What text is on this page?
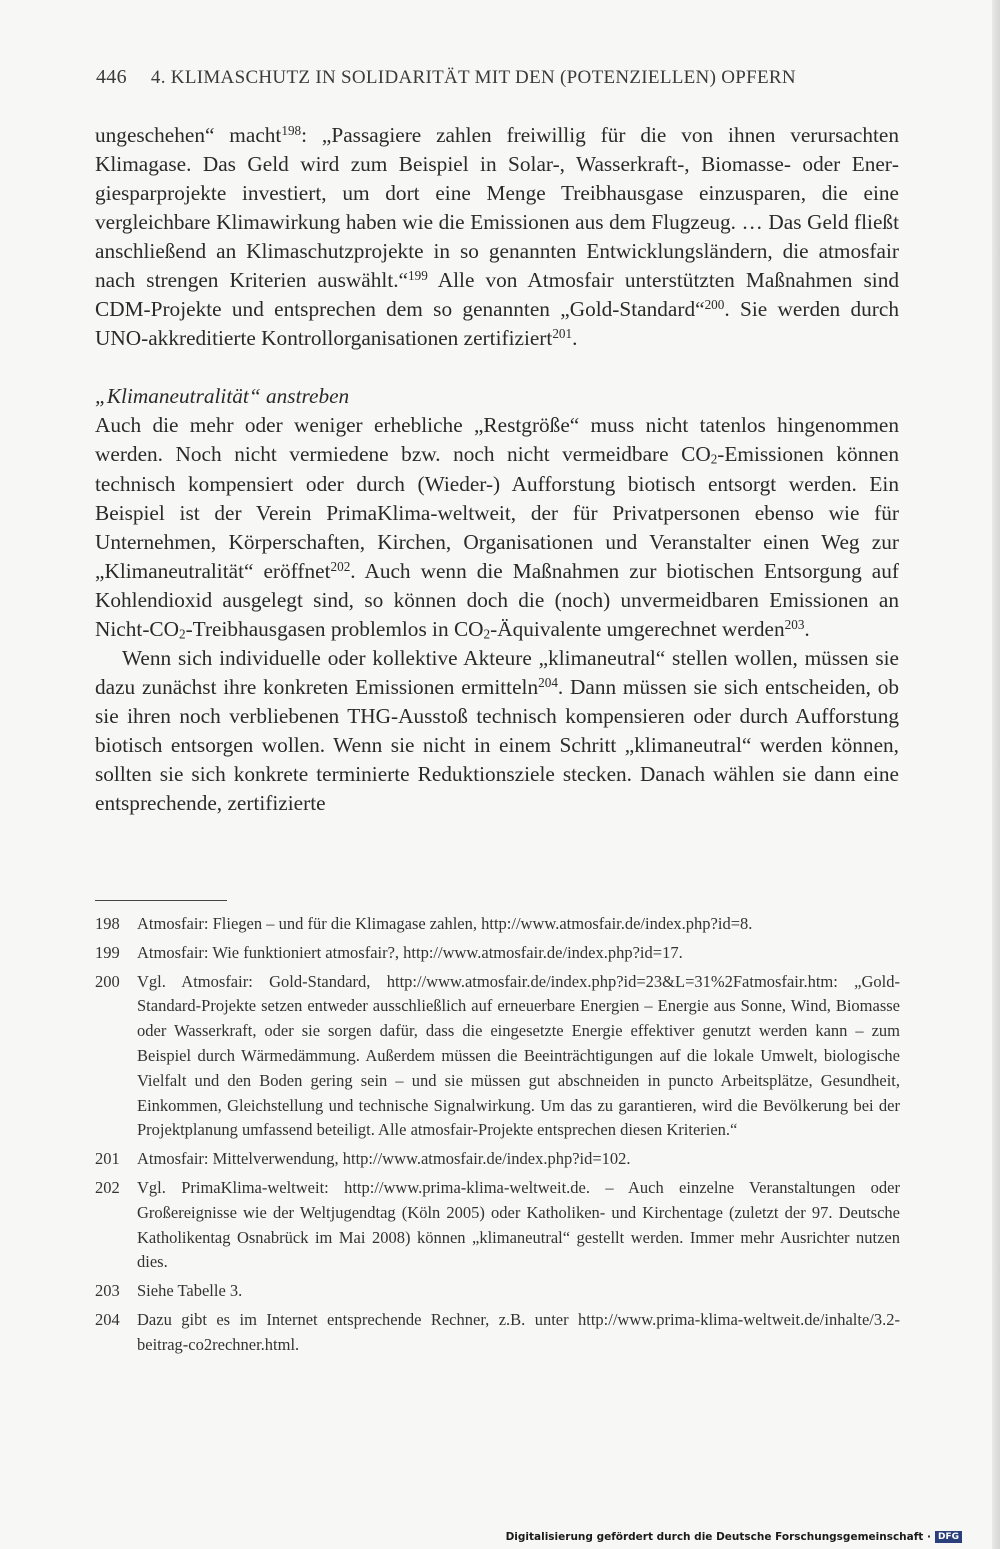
446 4. KLIMASCHUTZ IN SOLIDARITÄT MIT DEN (POTENZIELLEN) OPFERN

ungeschehen“ macht$^{198}$: „Passagiere zahlen freiwillig für die von ihnen verursachten Klimagase. Das Geld wird zum Beispiel in Solar-, Wasserkraft-, Biomasse- oder Energiesparprojekte investiert, um dort eine Menge Treibhausgase einzusparen, die eine vergleichbare Klimawirkung haben wie die Emissionen aus dem Flugzeug. … Das Geld fließt anschließend an Klimaschutzprojekte in so genannten Entwicklungsländern, die atmosfair nach strengen Kriterien auswählt.“$^{199}$ Alle von Atmosfair unterstützten Maßnahmen sind CDM-Projekte und entsprechen dem so genannten „Gold-Standard“$^{200}$. Sie werden durch UNO-akkreditierte Kontrollorganisationen zertifiziert$^{201}$.

„Klimaneutralität“ anstreben

Auch die mehr oder weniger erhebliche „Restgröße“ muss nicht tatenlos hingenommen werden. Noch nicht vermiedene bzw. noch nicht vermeidbare $CO_2$-Emissionen können technisch kompensiert oder durch (Wieder-) Aufforstung biotisch entsorgt werden. Ein Beispiel ist der Verein PrimaKlima-weltweit, der für Privatpersonen ebenso wie für Unternehmen, Körperschaften, Kirchen, Organisationen und Veranstalter einen Weg zur „Klimaneutralität“ eröffnet$^{202}$. Auch wenn die Maßnahmen zur biotischen Entsorgung auf Kohlendioxid ausgelegt sind, so können doch die (noch) unvermeidbaren Emissionen an Nicht-$CO_2$-Treibhausgasen problemlos in $CO_2$-Äquivalente umgerechnet werden$^{203}$.

Wenn sich individuelle oder kollektive Akteure „klimaneutral“ stellen wollen, müssen sie dazu zunächst ihre konkreten Emissionen ermitteln$^{204}$. Dann müssen sie sich entscheiden, ob sie ihren noch verbliebenen THG-Ausstoß technisch kompensieren oder durch Aufforstung biotisch entsorgen wollen. Wenn sie nicht in einem Schritt „klimaneutral“ werden können, sollten sie sich konkrete terminierte Reduktionsziele stecken. Danach wählen sie dann eine entsprechende, zertifizierte

198	Atmosfair: Fliegen – und für die Klimagase zahlen, http://www.atmosfair.de/index.php?id=8.
199	Atmosfair: Wie funktioniert atmosfair?, http://www.atmosfair.de/index.php?id=17.
200	Vgl. Atmosfair: Gold-Standard, http://www.atmosfair.de/index.php?id=23&L=31%2Fatmosfair.htm: „Gold-Standard-Projekte setzen entweder ausschließlich auf erneuerbare Energien – Energie aus Sonne, Wind, Biomasse oder Wasserkraft, oder sie sorgen dafür, dass die eingesetzte Energie effektiver genutzt werden kann – zum Beispiel durch Wärmedämmung. Außerdem müssen die Beeinträchtigungen auf die lokale Umwelt, biologische Vielfalt und den Boden gering sein – und sie müssen gut abschneiden in puncto Arbeitsplätze, Gesundheit, Einkommen, Gleichstellung und technische Signalwirkung. Um das zu garantieren, wird die Bevölkerung bei der Projektplanung umfassend beteiligt. Alle atmosfair-Projekte entsprechen diesen Kriterien.“
201	Atmosfair: Mittelverwendung, http://www.atmosfair.de/index.php?id=102.
202	Vgl. PrimaKlima-weltweit: http://www.prima-klima-weltweit.de. – Auch einzelne Veranstaltungen oder Großereignisse wie der Weltjugendtag (Köln 2005) oder Katholiken- und Kirchentage (zuletzt der 97. Deutsche Katholikentag Osnabrück im Mai 2008) können „klimaneutral“ gestellt werden. Immer mehr Ausrichter nutzen dies.
203	Siehe Tabelle 3.
204	Dazu gibt es im Internet entsprechende Rechner, z.B. unter http://www.prima-klima-weltweit.de/inhalte/3.2-beitrag-co2rechner.html.
Digitalisierung gefördert durch die Deutsche Forschungsgemeinschaft · DFG
